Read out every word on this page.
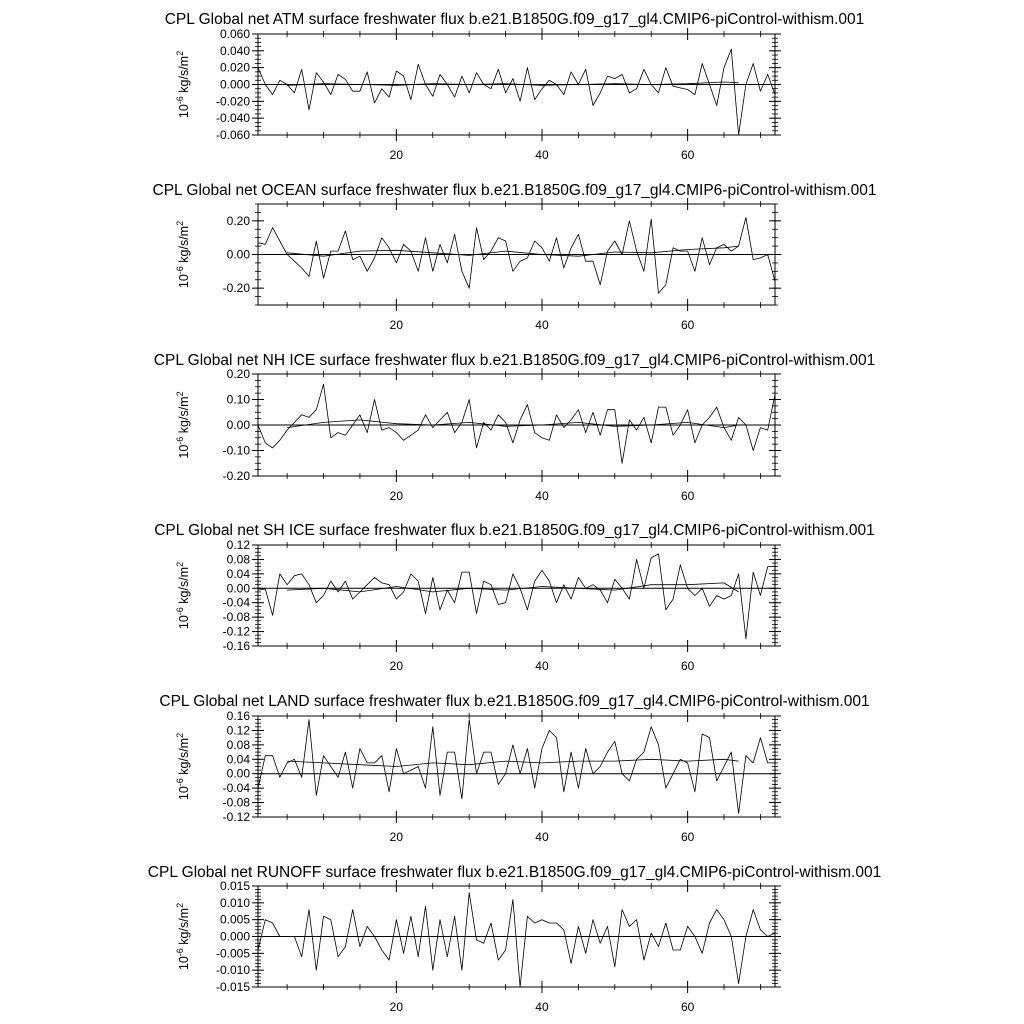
CPL Global net ATM surface freshwater flux b.e21.B1850G.f09_g17_gl4.CMIP6-piControl-withism.001
-0.060
-0.040
-0.020
0.000
0.020
0.040
0.060
20	40	60
$10^{-6}$ $kg/s/m^2$
CPL Global net OCEAN surface freshwater flux b.e21.B1850G.f09_g17_gl4.CMIP6-piControl-withism.001
-0.20
0.00
0.20
20	40	60
$10^{-6}$ $kg/s/m^2$
CPL Global net NH ICE surface freshwater flux b.e21.B1850G.f09_g17_gl4.CMIP6-piControl-withism.001
-0.20
-0.10
0.00
0.10
0.20
20	40	60
$10^{-6}$ $kg/s/m^2$
CPL Global net SH ICE surface freshwater flux b.e21.B1850G.f09_g17_gl4.CMIP6-piControl-withism.001
-0.16
-0.12
-0.08
-0.04
0.00
0.04
0.08
0.12
20	40	60
$10^{-6}$ $kg/s/m^2$
CPL Global net LAND surface freshwater flux b.e21.B1850G.f09_g17_gl4.CMIP6-piControl-withism.001
-0.12
-0.08
-0.04
0.00
0.04
0.08
0.12
0.16
20	40	60
$10^{-6}$ $kg/s/m^2$
CPL Global net RUNOFF surface freshwater flux b.e21.B1850G.f09_g17_gl4.CMIP6-piControl-withism.001
-0.015
-0.010
-0.005
0.000
0.005
0.010
0.015
20	40	60
$10^{-6}$ $kg/s/m^2$
